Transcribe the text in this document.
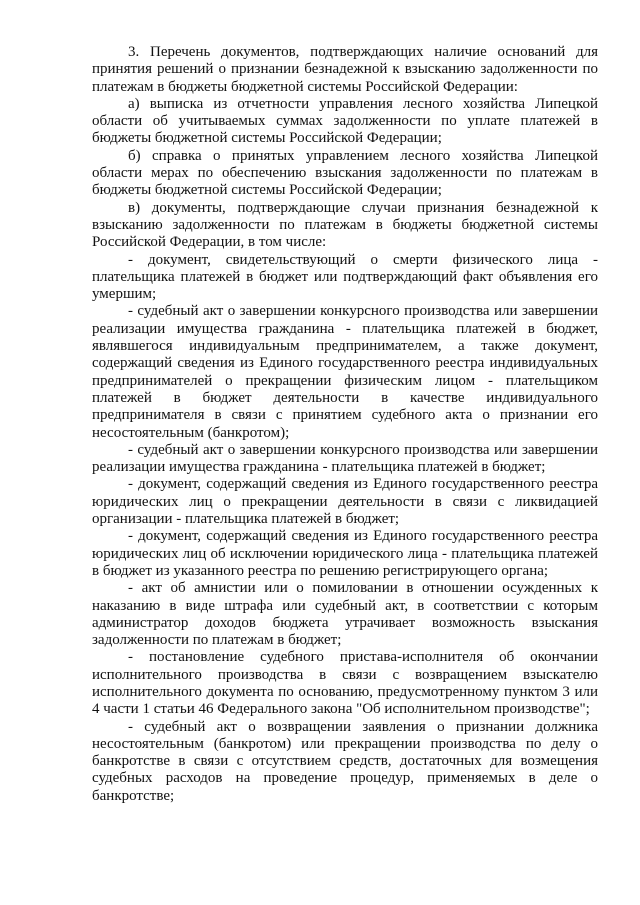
3. Перечень документов, подтверждающих наличие оснований для принятия решений о признании безнадежной к взысканию задолженности по платежам в бюджеты бюджетной системы Российской Федерации:

а) выписка из отчетности управления лесного хозяйства Липецкой области об учитываемых суммах задолженности по уплате платежей в бюджеты бюджетной системы Российской Федерации;

б) справка о принятых управлением лесного хозяйства Липецкой области мерах по обеспечению взыскания задолженности по платежам в бюджеты бюджетной системы Российской Федерации;

в) документы, подтверждающие случаи признания безнадежной к взысканию задолженности по платежам в бюджеты бюджетной системы Российской Федерации, в том числе:

- документ, свидетельствующий о смерти физического лица - плательщика платежей в бюджет или подтверждающий факт объявления его умершим;

- судебный акт о завершении конкурсного производства или завершении реализации имущества гражданина - плательщика платежей в бюджет, являвшегося индивидуальным предпринимателем, а также документ, содержащий сведения из Единого государственного реестра индивидуальных предпринимателей о прекращении физическим лицом - плательщиком платежей в бюджет деятельности в качестве индивидуального предпринимателя в связи с принятием судебного акта о признании его несостоятельным (банкротом);

- судебный акт о завершении конкурсного производства или завершении реализации имущества гражданина - плательщика платежей в бюджет;

- документ, содержащий сведения из Единого государственного реестра юридических лиц о прекращении деятельности в связи с ликвидацией организации - плательщика платежей в бюджет;

- документ, содержащий сведения из Единого государственного реестра юридических лиц об исключении юридического лица - плательщика платежей в бюджет из указанного реестра по решению регистрирующего органа;

- акт об амнистии или о помиловании в отношении осужденных к наказанию в виде штрафа или судебный акт, в соответствии с которым администратор доходов бюджета утрачивает возможность взыскания задолженности по платежам в бюджет;

- постановление судебного пристава-исполнителя об окончании исполнительного производства в связи с возвращением взыскателю исполнительного документа по основанию, предусмотренному пунктом 3 или 4 части 1 статьи 46 Федерального закона "Об исполнительном производстве";

- судебный акт о возвращении заявления о признании должника несостоятельным (банкротом) или прекращении производства по делу о банкротстве в связи с отсутствием средств, достаточных для возмещения судебных расходов на проведение процедур, применяемых в деле о банкротстве;
